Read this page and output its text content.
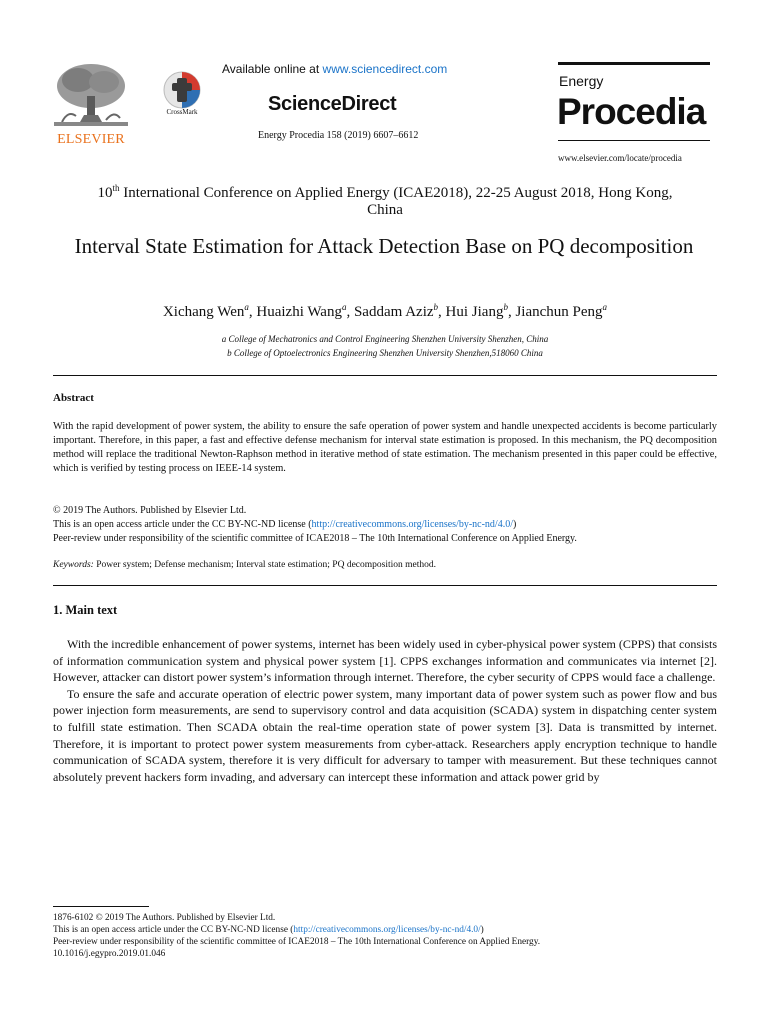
ELSEVIER
CrossMark
Available online at www.sciencedirect.com
ScienceDirect
Energy Procedia 158 (2019) 6607–6612
Energy
Procedia
www.elsevier.com/locate/procedia
10th International Conference on Applied Energy (ICAE2018), 22-25 August 2018, Hong Kong,
China
Interval State Estimation for Attack Detection Base on PQ decomposition
Xichang Wen$^a$, Huaizhi Wang$^a$, Saddam Aziz$^b$, Hui Jiang$^b$, Jianchun Peng$^a$
a College of Mechatronics and Control Engineering Shenzhen University Shenzhen, China
b College of Optoelectronics Engineering Shenzhen University Shenzhen,518060 China
Abstract
With the rapid development of power system, the ability to ensure the safe operation of power system and handle unexpected accidents is become particularly important. Therefore, in this paper, a fast and effective defense mechanism for interval state estimation is proposed. In this mechanism, the PQ decomposition method will replace the traditional Newton-Raphson method in iterative method of state estimation. The mechanism presented in this paper could be effective, which is verified by testing process on IEEE-14 system.
© 2019 The Authors. Published by Elsevier Ltd.
This is an open access article under the CC BY-NC-ND license (http://creativecommons.org/licenses/by-nc-nd/4.0/)
Peer-review under responsibility of the scientific committee of ICAE2018 – The 10th International Conference on Applied Energy.
Keywords: Power system; Defense mechanism; Interval state estimation; PQ decomposition method.
1. Main text

With the incredible enhancement of power systems, internet has been widely used in cyber-physical power system (CPPS) that consists of information communication system and physical power system [1]. CPPS exchanges information and communicates via internet [2]. However, attacker can distort power system’s information through internet. Therefore, the cyber security of CPPS would face a challenge.

To ensure the safe and accurate operation of electric power system, many important data of power system such as power flow and bus power injection form measurements, are send to supervisory control and data acquisition (SCADA) system in dispatching center system to fulfill state estimation. Then SCADA obtain the real-time operation state of power system [3]. Data is transmitted by internet. Therefore, it is important to protect power system measurements from cyber-attack. Researchers apply encryption technique to handle communication of SCADA system, therefore it is very difficult for adversary to tamper with measurement. But these techniques cannot absolutely prevent hackers form invading, and adversary can intercept these information and attack power grid by

1876-6102 © 2019 The Authors. Published by Elsevier Ltd.
This is an open access article under the CC BY-NC-ND license (http://creativecommons.org/licenses/by-nc-nd/4.0/)
Peer-review under responsibility of the scientific committee of ICAE2018 – The 10th International Conference on Applied Energy.
10.1016/j.egypro.2019.01.046
